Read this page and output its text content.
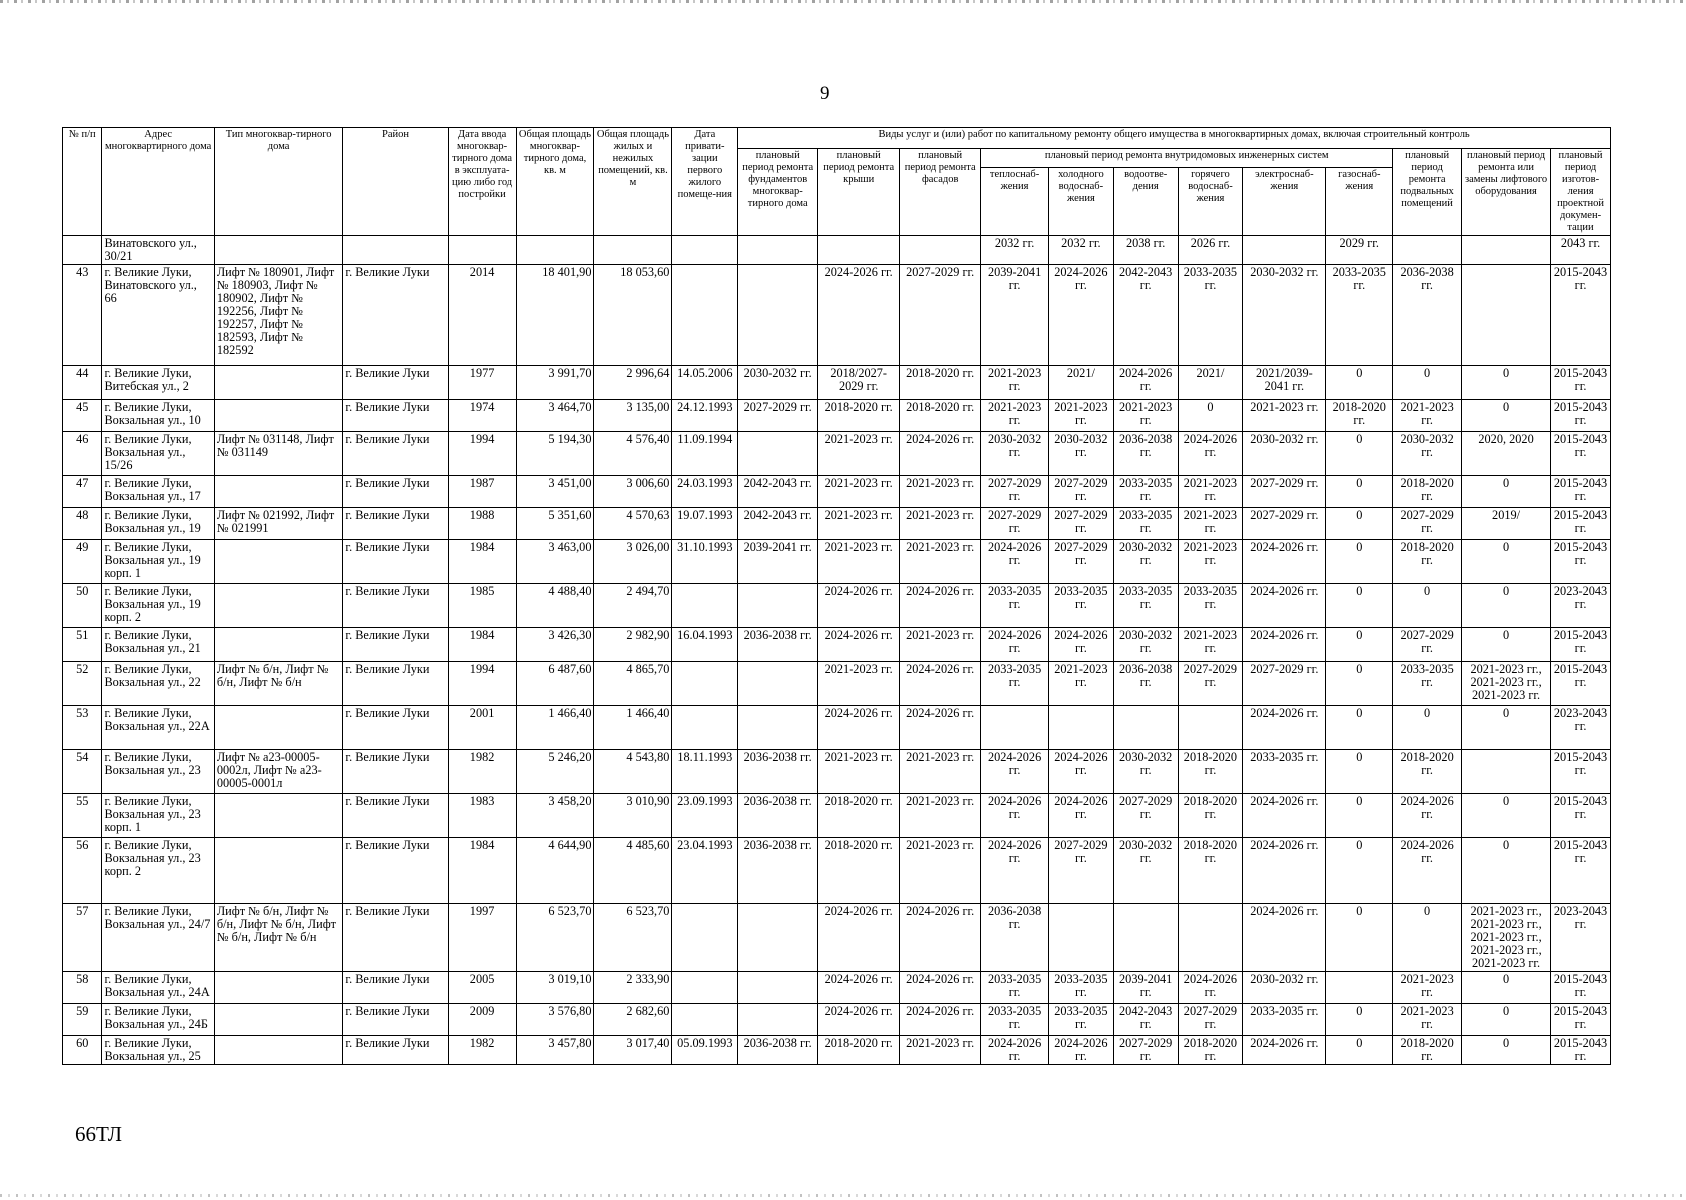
9
№ п/п	Адрес многоквартирного дома	Тип многоквар-тирного дома	Район	Дата ввода многоквар-тирного дома в эксплуата-цию либо год постройки	Общая площадь многоквар-тирного дома, кв. м	Общая площадь жилых и нежилых помещений, кв. м	Дата привати-зации первого жилого помеще-ния	Виды услуг и (или) работ по капитальному ремонту общего имущества в многоквартирных домах, включая строительный контроль											
								плановый период ремонта фундаментов многоквар-тирного дома	плановый период ремонта крыши	плановый период ремонта фасадов	плановый период ремонта внутридомовых инженерных систем						плановый период ремонта подвальных помещений	плановый период ремонта или замены лифтового оборудования	плановый период изготов-ления проектной докумен-тации
											теплоснаб-жения	холодного водоснаб-жения	водоотве-дения	горячего водоснаб-жения	электроснаб-жения	газоснаб-жения			
	Винатовского ул., 30/21										2032 гг.	2032 гг.	2038 гг.	2026 гг.		2029 гг.			2043 гг.
43	г. Великие Луки, Винатовского ул., 66	Лифт № 180901, Лифт № 180903, Лифт № 180902, Лифт № 192256, Лифт № 192257, Лифт № 182593, Лифт № 182592	г. Великие Луки	2014	18 401,90	18 053,60			2024-2026 гг.	2027-2029 гг.	2039-2041 гг.	2024-2026 гг.	2042-2043 гг.	2033-2035 гг.	2030-2032 гг.	2033-2035 гг.	2036-2038 гг.		2015-2043 гг.
44	г. Великие Луки, Витебская ул., 2		г. Великие Луки	1977	3 991,70	2 996,64	14.05.2006	2030-2032 гг.	2018/2027-2029 гг.	2018-2020 гг.	2021-2023 гг.	2021/	2024-2026 гг.	2021/	2021/2039-2041 гг.	0	0	0	2015-2043 гг.
45	г. Великие Луки, Вокзальная ул., 10		г. Великие Луки	1974	3 464,70	3 135,00	24.12.1993	2027-2029 гг.	2018-2020 гг.	2018-2020 гг.	2021-2023 гг.	2021-2023 гг.	2021-2023 гг.	0	2021-2023 гг.	2018-2020 гг.	2021-2023 гг.	0	2015-2043 гг.
46	г. Великие Луки, Вокзальная ул., 15/26	Лифт № 031148, Лифт № 031149	г. Великие Луки	1994	5 194,30	4 576,40	11.09.1994		2021-2023 гг.	2024-2026 гг.	2030-2032 гг.	2030-2032 гг.	2036-2038 гг.	2024-2026 гг.	2030-2032 гг.	0	2030-2032 гг.	2020, 2020	2015-2043 гг.
47	г. Великие Луки, Вокзальная ул., 17		г. Великие Луки	1987	3 451,00	3 006,60	24.03.1993	2042-2043 гг.	2021-2023 гг.	2021-2023 гг.	2027-2029 гг.	2027-2029 гг.	2033-2035 гг.	2021-2023 гг.	2027-2029 гг.	0	2018-2020 гг.	0	2015-2043 гг.
48	г. Великие Луки, Вокзальная ул., 19	Лифт № 021992, Лифт № 021991	г. Великие Луки	1988	5 351,60	4 570,63	19.07.1993	2042-2043 гг.	2021-2023 гг.	2021-2023 гг.	2027-2029 гг.	2027-2029 гг.	2033-2035 гг.	2021-2023 гг.	2027-2029 гг.	0	2027-2029 гг.	2019/	2015-2043 гг.
49	г. Великие Луки, Вокзальная ул., 19 корп. 1		г. Великие Луки	1984	3 463,00	3 026,00	31.10.1993	2039-2041 гг.	2021-2023 гг.	2021-2023 гг.	2024-2026 гг.	2027-2029 гг.	2030-2032 гг.	2021-2023 гг.	2024-2026 гг.	0	2018-2020 гг.	0	2015-2043 гг.
50	г. Великие Луки, Вокзальная ул., 19 корп. 2		г. Великие Луки	1985	4 488,40	2 494,70			2024-2026 гг.	2024-2026 гг.	2033-2035 гг.	2033-2035 гг.	2033-2035 гг.	2033-2035 гг.	2024-2026 гг.	0	0	0	2023-2043 гг.
51	г. Великие Луки, Вокзальная ул., 21		г. Великие Луки	1984	3 426,30	2 982,90	16.04.1993	2036-2038 гг.	2024-2026 гг.	2021-2023 гг.	2024-2026 гг.	2024-2026 гг.	2030-2032 гг.	2021-2023 гг.	2024-2026 гг.	0	2027-2029 гг.	0	2015-2043 гг.
52	г. Великие Луки, Вокзальная ул., 22	Лифт № б/н, Лифт № б/н, Лифт № б/н	г. Великие Луки	1994	6 487,60	4 865,70			2021-2023 гг.	2024-2026 гг.	2033-2035 гг.	2021-2023 гг.	2036-2038 гг.	2027-2029 гг.	2027-2029 гг.	0	2033-2035 гг.	2021-2023 гг., 2021-2023 гг., 2021-2023 гг.	2015-2043 гг.
53	г. Великие Луки, Вокзальная ул., 22А		г. Великие Луки	2001	1 466,40	1 466,40			2024-2026 гг.	2024-2026 гг.					2024-2026 гг.	0	0	0	2023-2043 гг.
54	г. Великие Луки, Вокзальная ул., 23	Лифт № а23-00005-0002л, Лифт № а23-00005-0001л	г. Великие Луки	1982	5 246,20	4 543,80	18.11.1993	2036-2038 гг.	2021-2023 гг.	2021-2023 гг.	2024-2026 гг.	2024-2026 гг.	2030-2032 гг.	2018-2020 гг.	2033-2035 гг.	0	2018-2020 гг.		2015-2043 гг.
55	г. Великие Луки, Вокзальная ул., 23 корп. 1		г. Великие Луки	1983	3 458,20	3 010,90	23.09.1993	2036-2038 гг.	2018-2020 гг.	2021-2023 гг.	2024-2026 гг.	2024-2026 гг.	2027-2029 гг.	2018-2020 гг.	2024-2026 гг.	0	2024-2026 гг.	0	2015-2043 гг.
56	г. Великие Луки, Вокзальная ул., 23 корп. 2		г. Великие Луки	1984	4 644,90	4 485,60	23.04.1993	2036-2038 гг.	2018-2020 гг.	2021-2023 гг.	2024-2026 гг.	2027-2029 гг.	2030-2032 гг.	2018-2020 гг.	2024-2026 гг.	0	2024-2026 гг.	0	2015-2043 гг.
57	г. Великие Луки, Вокзальная ул., 24/7	Лифт № б/н, Лифт № б/н, Лифт № б/н, Лифт № б/н, Лифт № б/н	г. Великие Луки	1997	6 523,70	6 523,70			2024-2026 гг.	2024-2026 гг.	2036-2038 гг.				2024-2026 гг.	0	0	2021-2023 гг., 2021-2023 гг., 2021-2023 гг., 2021-2023 гг., 2021-2023 гг.	2023-2043 гг.
58	г. Великие Луки, Вокзальная ул., 24А		г. Великие Луки	2005	3 019,10	2 333,90			2024-2026 гг.	2024-2026 гг.	2033-2035 гг.	2033-2035 гг.	2039-2041 гг.	2024-2026 гг.	2030-2032 гг.		2021-2023 гг.	0	2015-2043 гг.
59	г. Великие Луки, Вокзальная ул., 24Б		г. Великие Луки	2009	3 576,80	2 682,60			2024-2026 гг.	2024-2026 гг.	2033-2035 гг.	2033-2035 гг.	2042-2043 гг.	2027-2029 гг.	2033-2035 гг.	0	2021-2023 гг.	0	2015-2043 гг.
60	г. Великие Луки, Вокзальная ул., 25		г. Великие Луки	1982	3 457,80	3 017,40	05.09.1993	2036-2038 гг.	2018-2020 гг.	2021-2023 гг.	2024-2026 гг.	2024-2026 гг.	2027-2029 гг.	2018-2020 гг.	2024-2026 гг.	0	2018-2020 гг.	0	2015-2043 гг.
66ТЛ
